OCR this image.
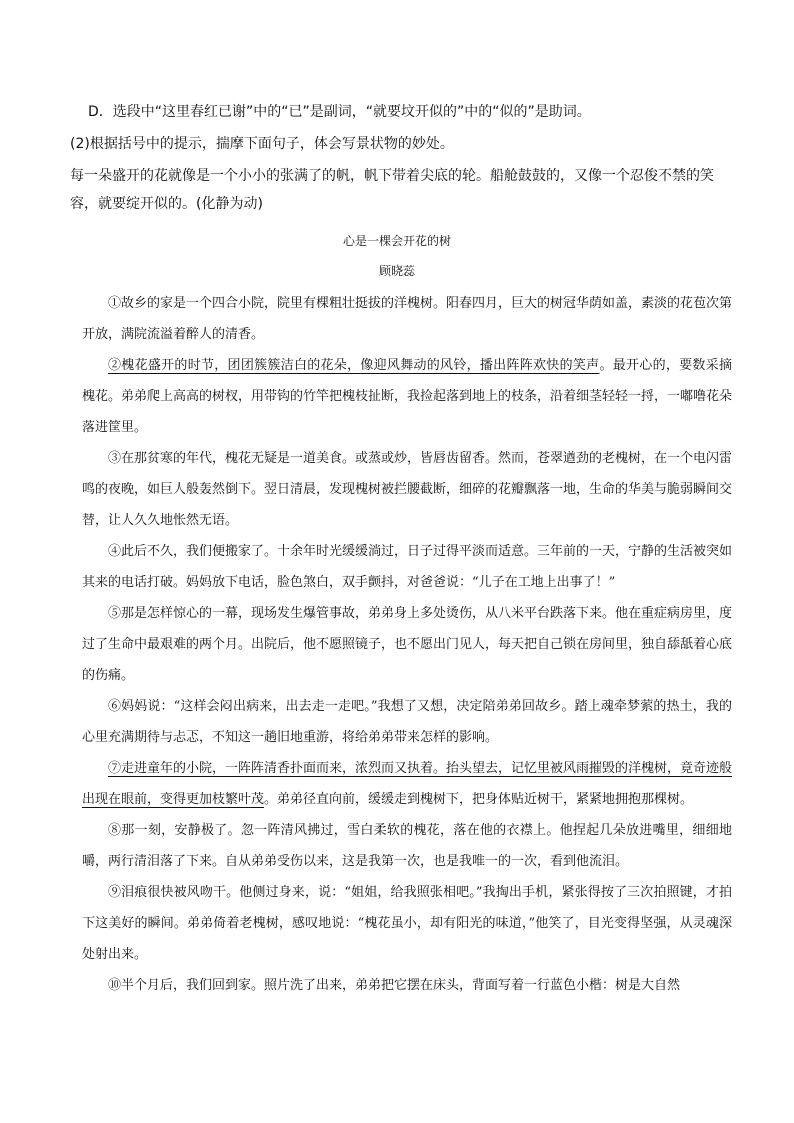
D．选段中“这里春红已谢”中的“已”是副词，“就要坟开似的”中的“似的”是助词。
(2)根据括号中的提示，揣摩下面句子，体会写景状物的妙处。
每一朵盛开的花就像是一个小小的张满了的帆，帆下带着尖底的轮。船舱鼓鼓的，又像一个忍俊不禁的笑容，就要绽开似的。(化静为动)
心是一棵会开花的树
顾晓蕊

①故乡的家是一个四合小院，院里有棵粗壮挺拔的洋槐树。阳春四月，巨大的树冠华荫如盖，素淡的花苞次第开放，满院流溢着醉人的清香。

②槐花盛开的时节，团团簇簇洁白的花朵，像迎风舞动的风铃，播出阵阵欢快的笑声。最开心的，要数采摘槐花。弟弟爬上高高的树杈，用带钩的竹竿把槐枝扯断，我捡起落到地上的枝条，沿着细茎轻轻一捋，一嘟噜花朵落进筐里。

③在那贫寒的年代，槐花无疑是一道美食。或蒸或炒，皆唇齿留香。然而，苍翠遒劲的老槐树，在一个电闪雷鸣的夜晚，如巨人般轰然倒下。翌日清晨，发现槐树被拦腰截断，细碎的花瓣飘落一地，生命的华美与脆弱瞬间交替，让人久久地怅然无语。

④此后不久，我们便搬家了。十余年时光缓缓淌过，日子过得平淡而适意。三年前的一天，宁静的生活被突如其来的电话打破。妈妈放下电话，脸色煞白，双手颤抖，对爸爸说：“儿子在工地上出事了！”

⑤那是怎样惊心的一幕，现场发生爆管事故，弟弟身上多处烫伤，从八米平台跌落下来。他在重症病房里，度过了生命中最艰难的两个月。出院后，他不愿照镜子，也不愿出门见人，每天把自己锁在房间里，独自舔舐着心底的伤痛。

⑥妈妈说：“这样会闷出病来，出去走一走吧。”我想了又想，决定陪弟弟回故乡。踏上魂牵梦萦的热土，我的心里充满期待与忐忑，不知这一趟旧地重游，将给弟弟带来怎样的影响。

⑦走进童年的小院，一阵阵清香扑面而来，浓烈而又执着。抬头望去，记忆里被风雨摧毁的洋槐树，竟奇迹般出现在眼前，变得更加枝繁叶茂。弟弟径直向前，缓缓走到槐树下，把身体贴近树干，紧紧地拥抱那棵树。

⑧那一刻，安静极了。忽一阵清风拂过，雪白柔软的槐花，落在他的衣襟上。他捏起几朵放进嘴里，细细地嚼，两行清泪落了下来。自从弟弟受伤以来，这是我第一次，也是我唯一的一次，看到他流泪。

⑨泪痕很快被风吻干。他侧过身来，说：“姐姐，给我照张相吧。”我掏出手机，紧张得按了三次拍照键，才拍下这美好的瞬间。弟弟倚着老槐树，感叹地说：“槐花虽小，却有阳光的味道，”他笑了，目光变得坚强，从灵魂深处射出来。

⑩半个月后，我们回到家。照片洗了出来，弟弟把它摆在床头，背面写着一行蓝色小楷：树是大自然
